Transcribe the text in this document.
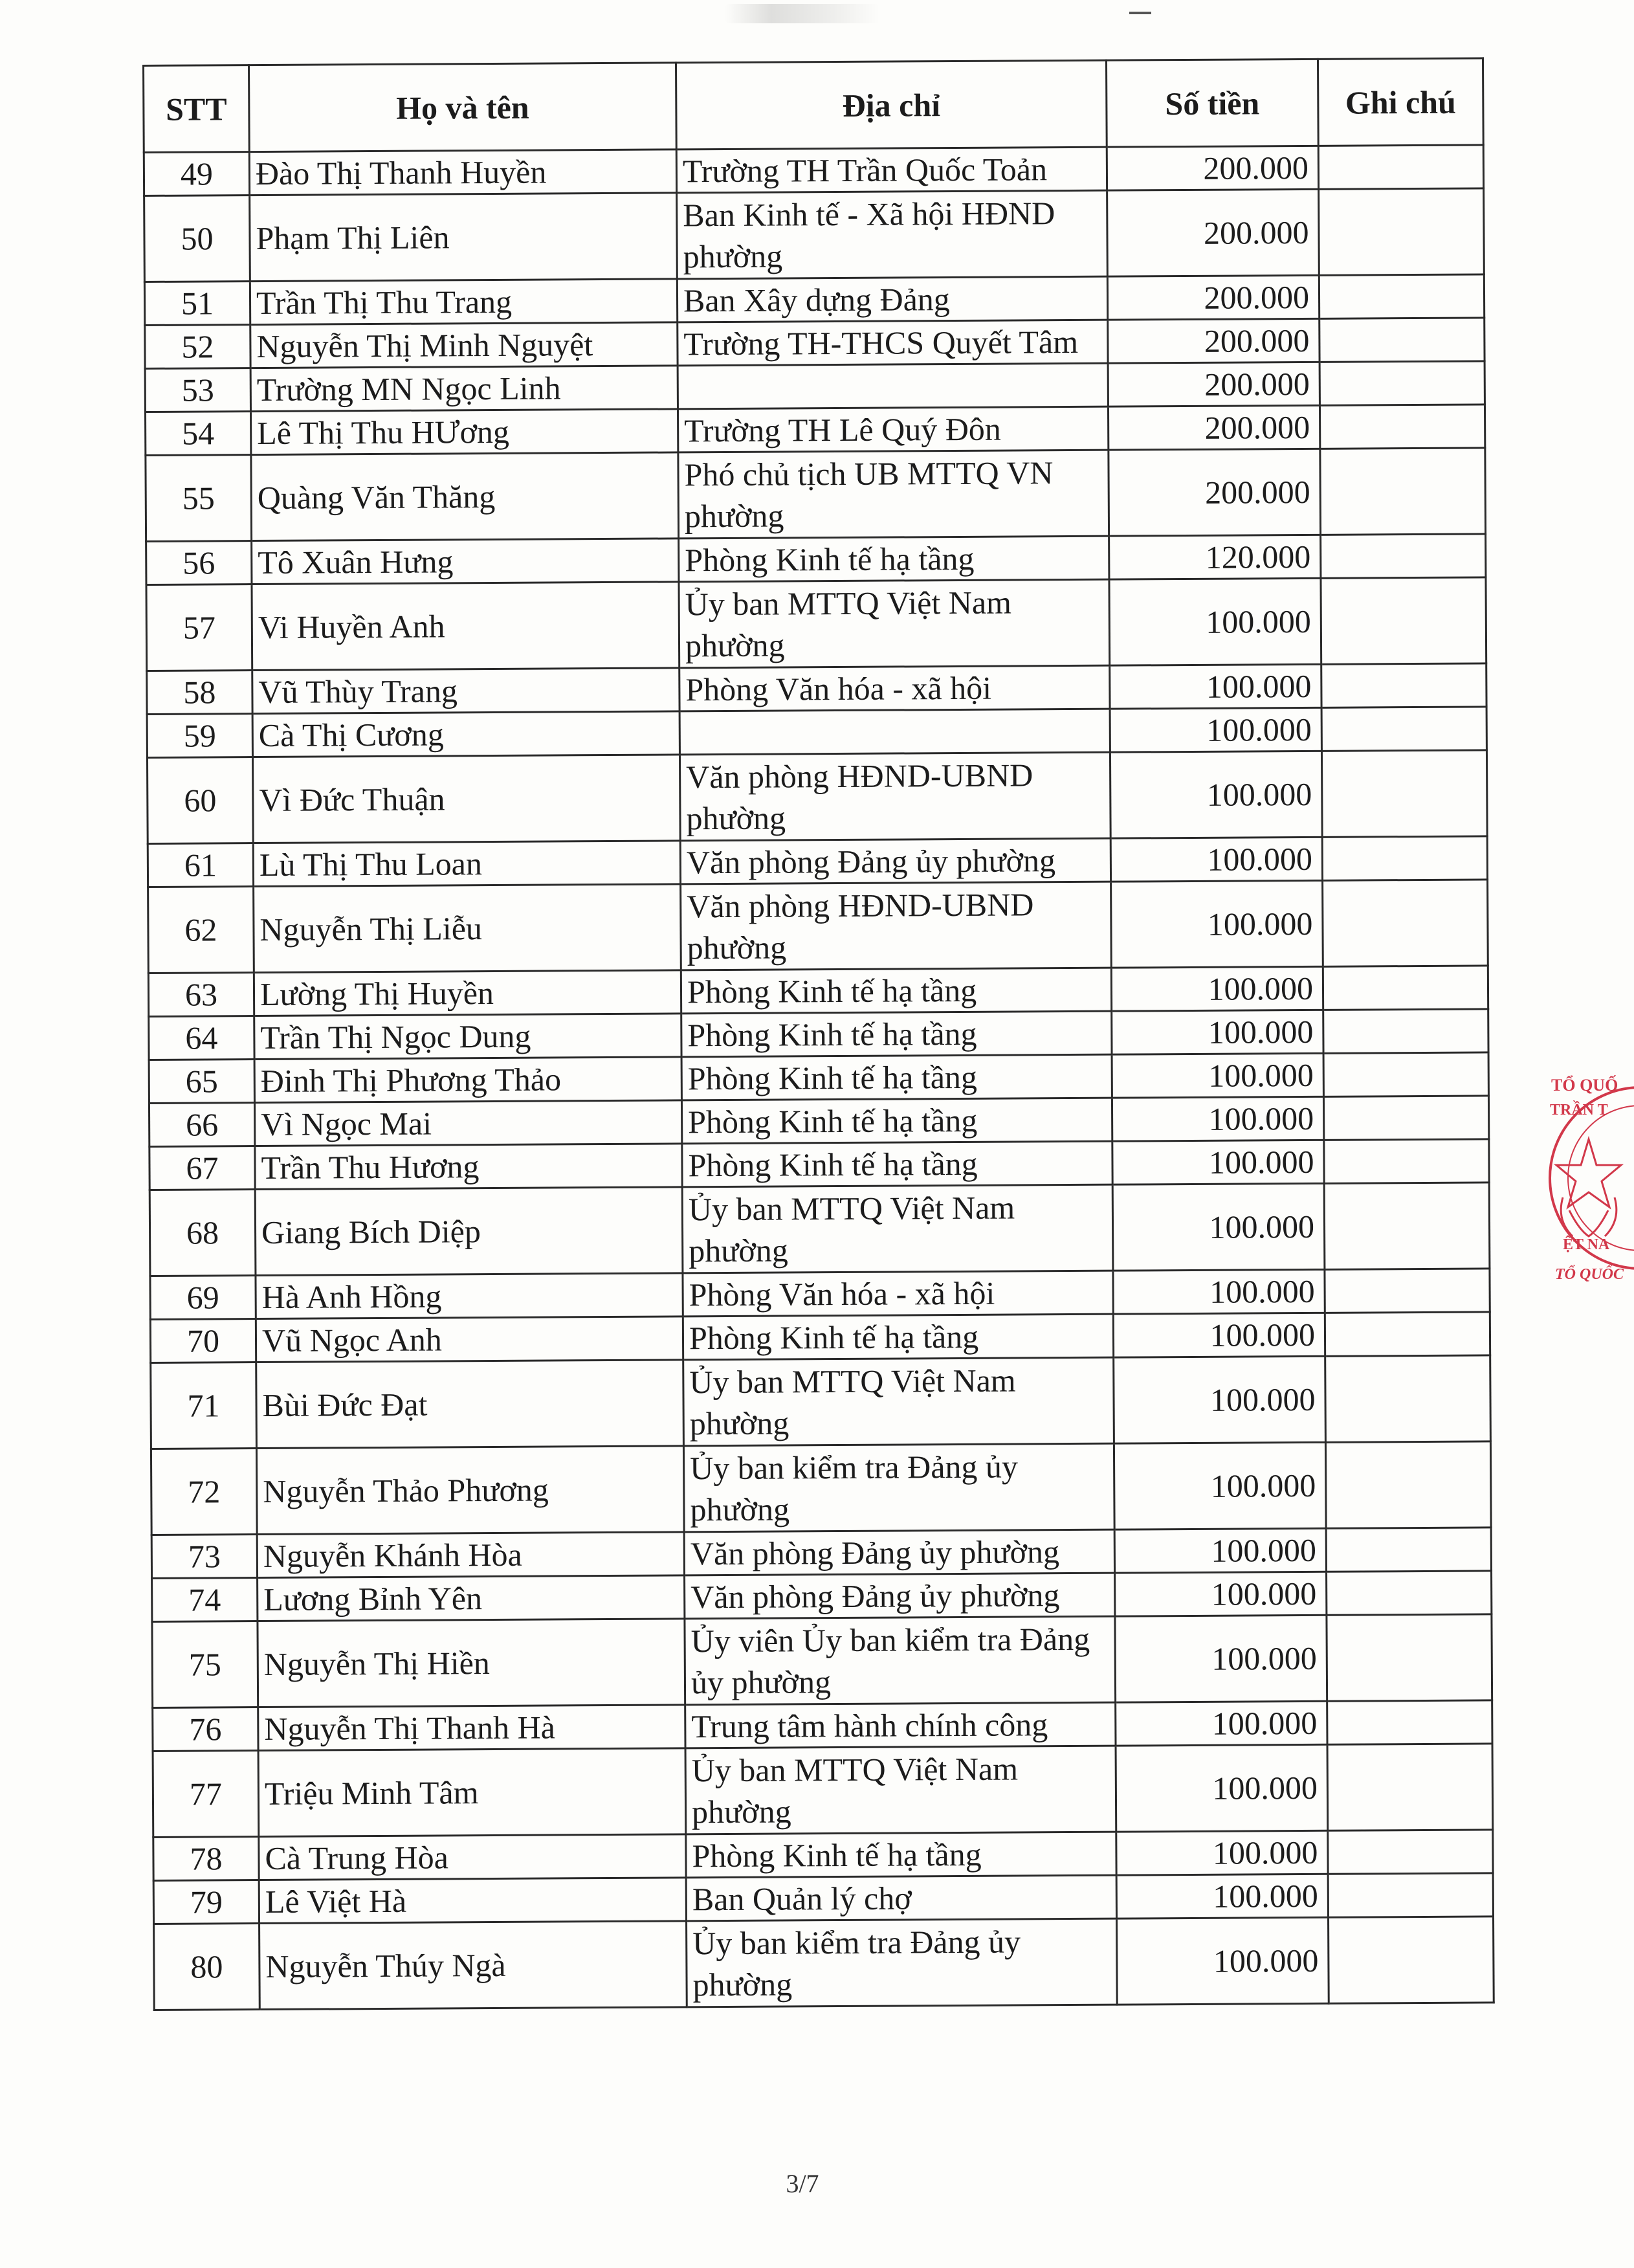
STT	Họ và tên	Địa chỉ	Số tiền	Ghi chú
49	Đào Thị Thanh Huyền	Trường TH Trần Quốc Toản	200.000	
50	Phạm Thị Liên	Ban Kinh tế - Xã hội HĐND phường	200.000	
51	Trần Thị Thu Trang	Ban Xây dựng Đảng	200.000	
52	Nguyễn Thị Minh Nguyệt	Trường TH-THCS Quyết Tâm	200.000	
53	Trường MN Ngọc Linh		200.000	
54	Lê Thị Thu HƯơng	Trường TH Lê Quý Đôn	200.000	
55	Quàng Văn Thăng	Phó chủ tịch UB MTTQ VN phường	200.000	
56	Tô Xuân Hưng	Phòng Kinh tế hạ tầng	120.000	
57	Vi Huyền Anh	Ủy ban MTTQ Việt Nam phường	100.000	
58	Vũ Thùy Trang	Phòng Văn hóa - xã hội	100.000	
59	Cà Thị Cương		100.000	
60	Vì Đức Thuận	Văn phòng HĐND-UBND phường	100.000	
61	Lù Thị Thu Loan	Văn phòng Đảng ủy phường	100.000	
62	Nguyễn Thị Liễu	Văn phòng HĐND-UBND phường	100.000	
63	Lường Thị Huyền	Phòng Kinh tế hạ tầng	100.000	
64	Trần Thị Ngọc Dung	Phòng Kinh tế hạ tầng	100.000	
65	Đinh Thị Phương Thảo	Phòng Kinh tế hạ tầng	100.000	
66	Vì Ngọc Mai	Phòng Kinh tế hạ tầng	100.000	
67	Trần Thu Hương	Phòng Kinh tế hạ tầng	100.000	
68	Giang Bích Diệp	Ủy ban MTTQ Việt Nam phường	100.000	
69	Hà Anh Hồng	Phòng Văn hóa - xã hội	100.000	
70	Vũ Ngọc Anh	Phòng Kinh tế hạ tầng	100.000	
71	Bùi Đức Đạt	Ủy ban MTTQ Việt Nam phường	100.000	
72	Nguyễn Thảo Phương	Ủy ban kiểm tra Đảng ủy phường	100.000	
73	Nguyễn Khánh Hòa	Văn phòng Đảng ủy phường	100.000	
74	Lương Bỉnh Yên	Văn phòng Đảng ủy phường	100.000	
75	Nguyễn Thị Hiền	Ủy viên Ủy ban kiểm tra Đảng ủy phường	100.000	
76	Nguyễn Thị Thanh Hà	Trung tâm hành chính công	100.000	
77	Triệu Minh Tâm	Ủy ban MTTQ Việt Nam phường	100.000	
78	Cà Trung Hòa	Phòng Kinh tế hạ tầng	100.000	
79	Lê Việt Hà	Ban Quản lý chợ	100.000	
80	Nguyễn Thúy Ngà	Ủy ban kiểm tra Đảng ủy phường	100.000	
3/7
TỔ QUỐ
TRẦN T
ỆT NA
TỔ QUỐC
